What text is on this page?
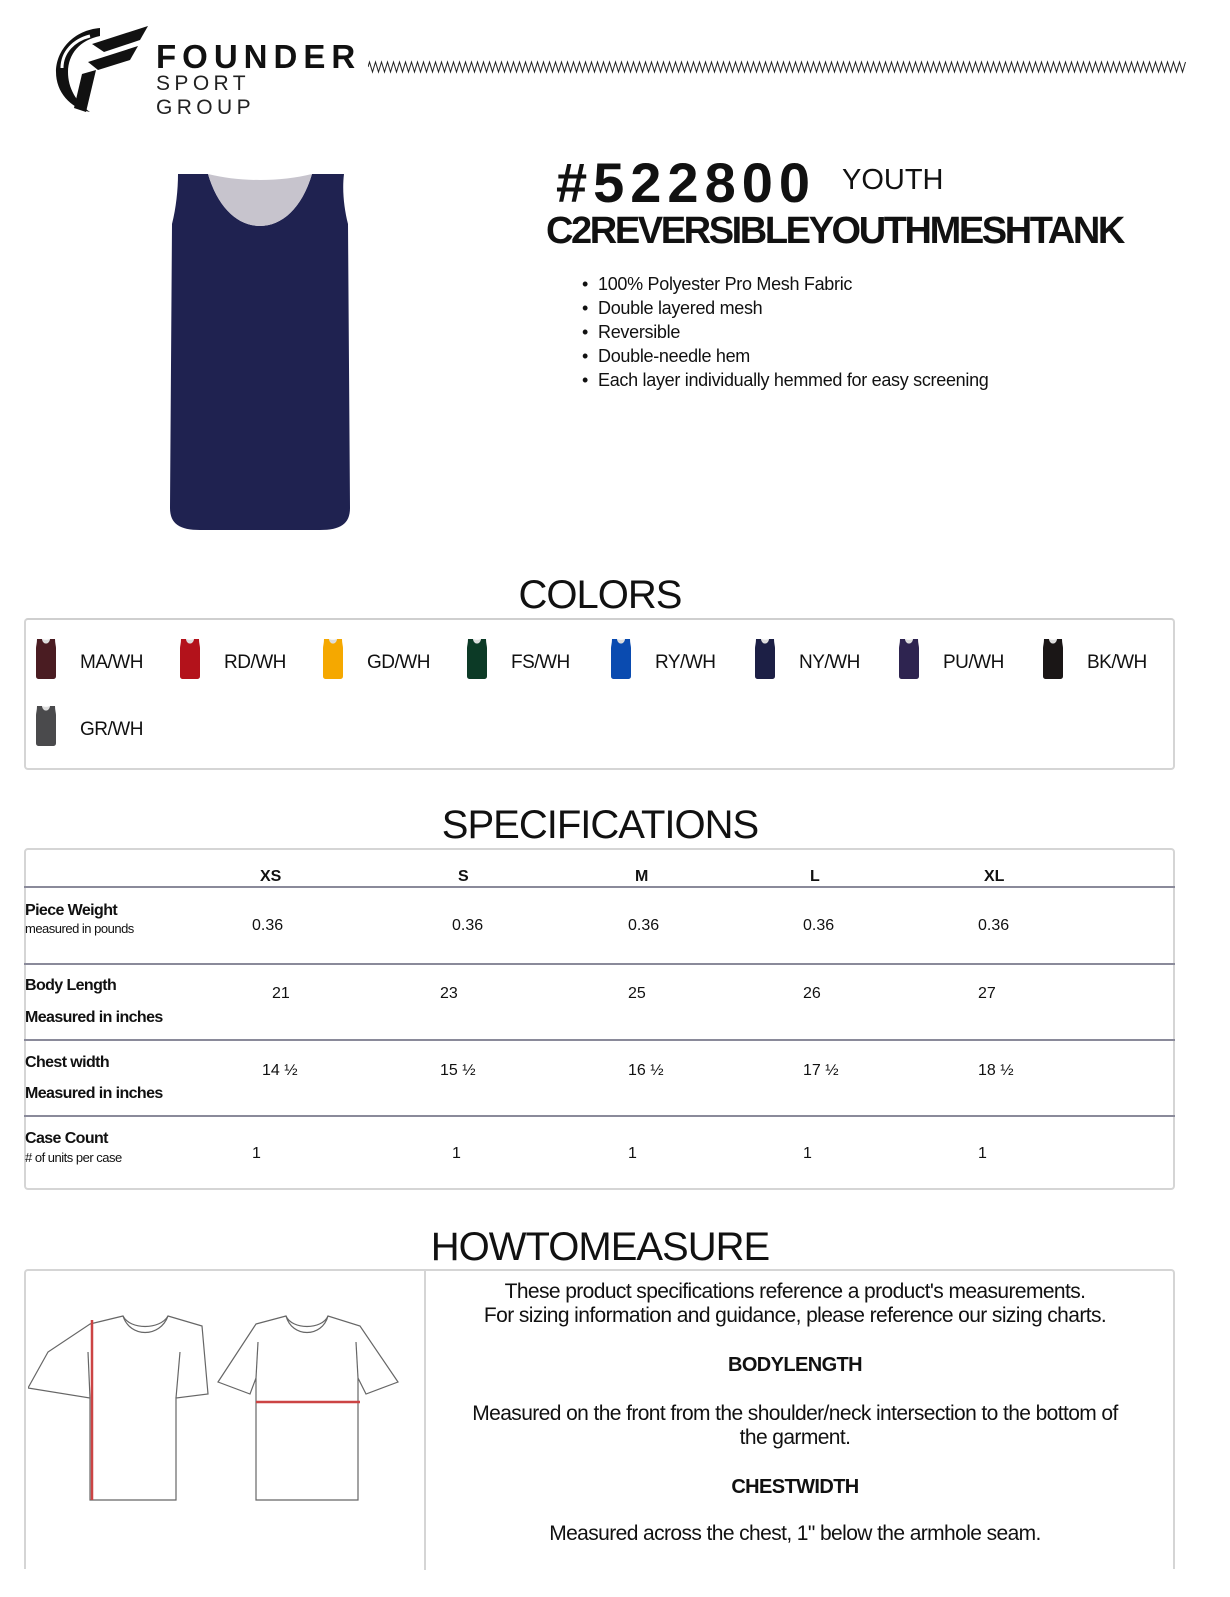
FOUNDER
SPORT GROUP
#522800 YOUTH
C2REVERSIBLEYOUTHMESHTANK
• 100% Polyester Pro Mesh Fabric
• Double layered mesh
• Reversible
• Double-needle hem
• Each layer individually hemmed for easy screening
COLORS
MA/WH	RD/WH	GD/WH	FS/WH	RY/WH	NY/WH	PU/WH	BK/WH
GR/WH
SPECIFICATIONS
XS	S	M	L	XL
Piece Weight
measured in pounds	0.36	0.36	0.36	0.36	0.36
Body Length
Measured in inches
21	23	25	26	27
Chest width
Measured in inches
14 ½	15 ½	16 ½	17 ½	18 ½
Case Count
# of units per case	1	1	1	1	1
HOWTOMEASURE
These product specifications reference a product's measurements.
For sizing information and guidance, please reference our sizing charts.
BODYLENGTH
Measured on the front from the shoulder/neck intersection to the bottom of
the garment.
CHESTWIDTH
Measured across the chest, 1" below the armhole seam.
